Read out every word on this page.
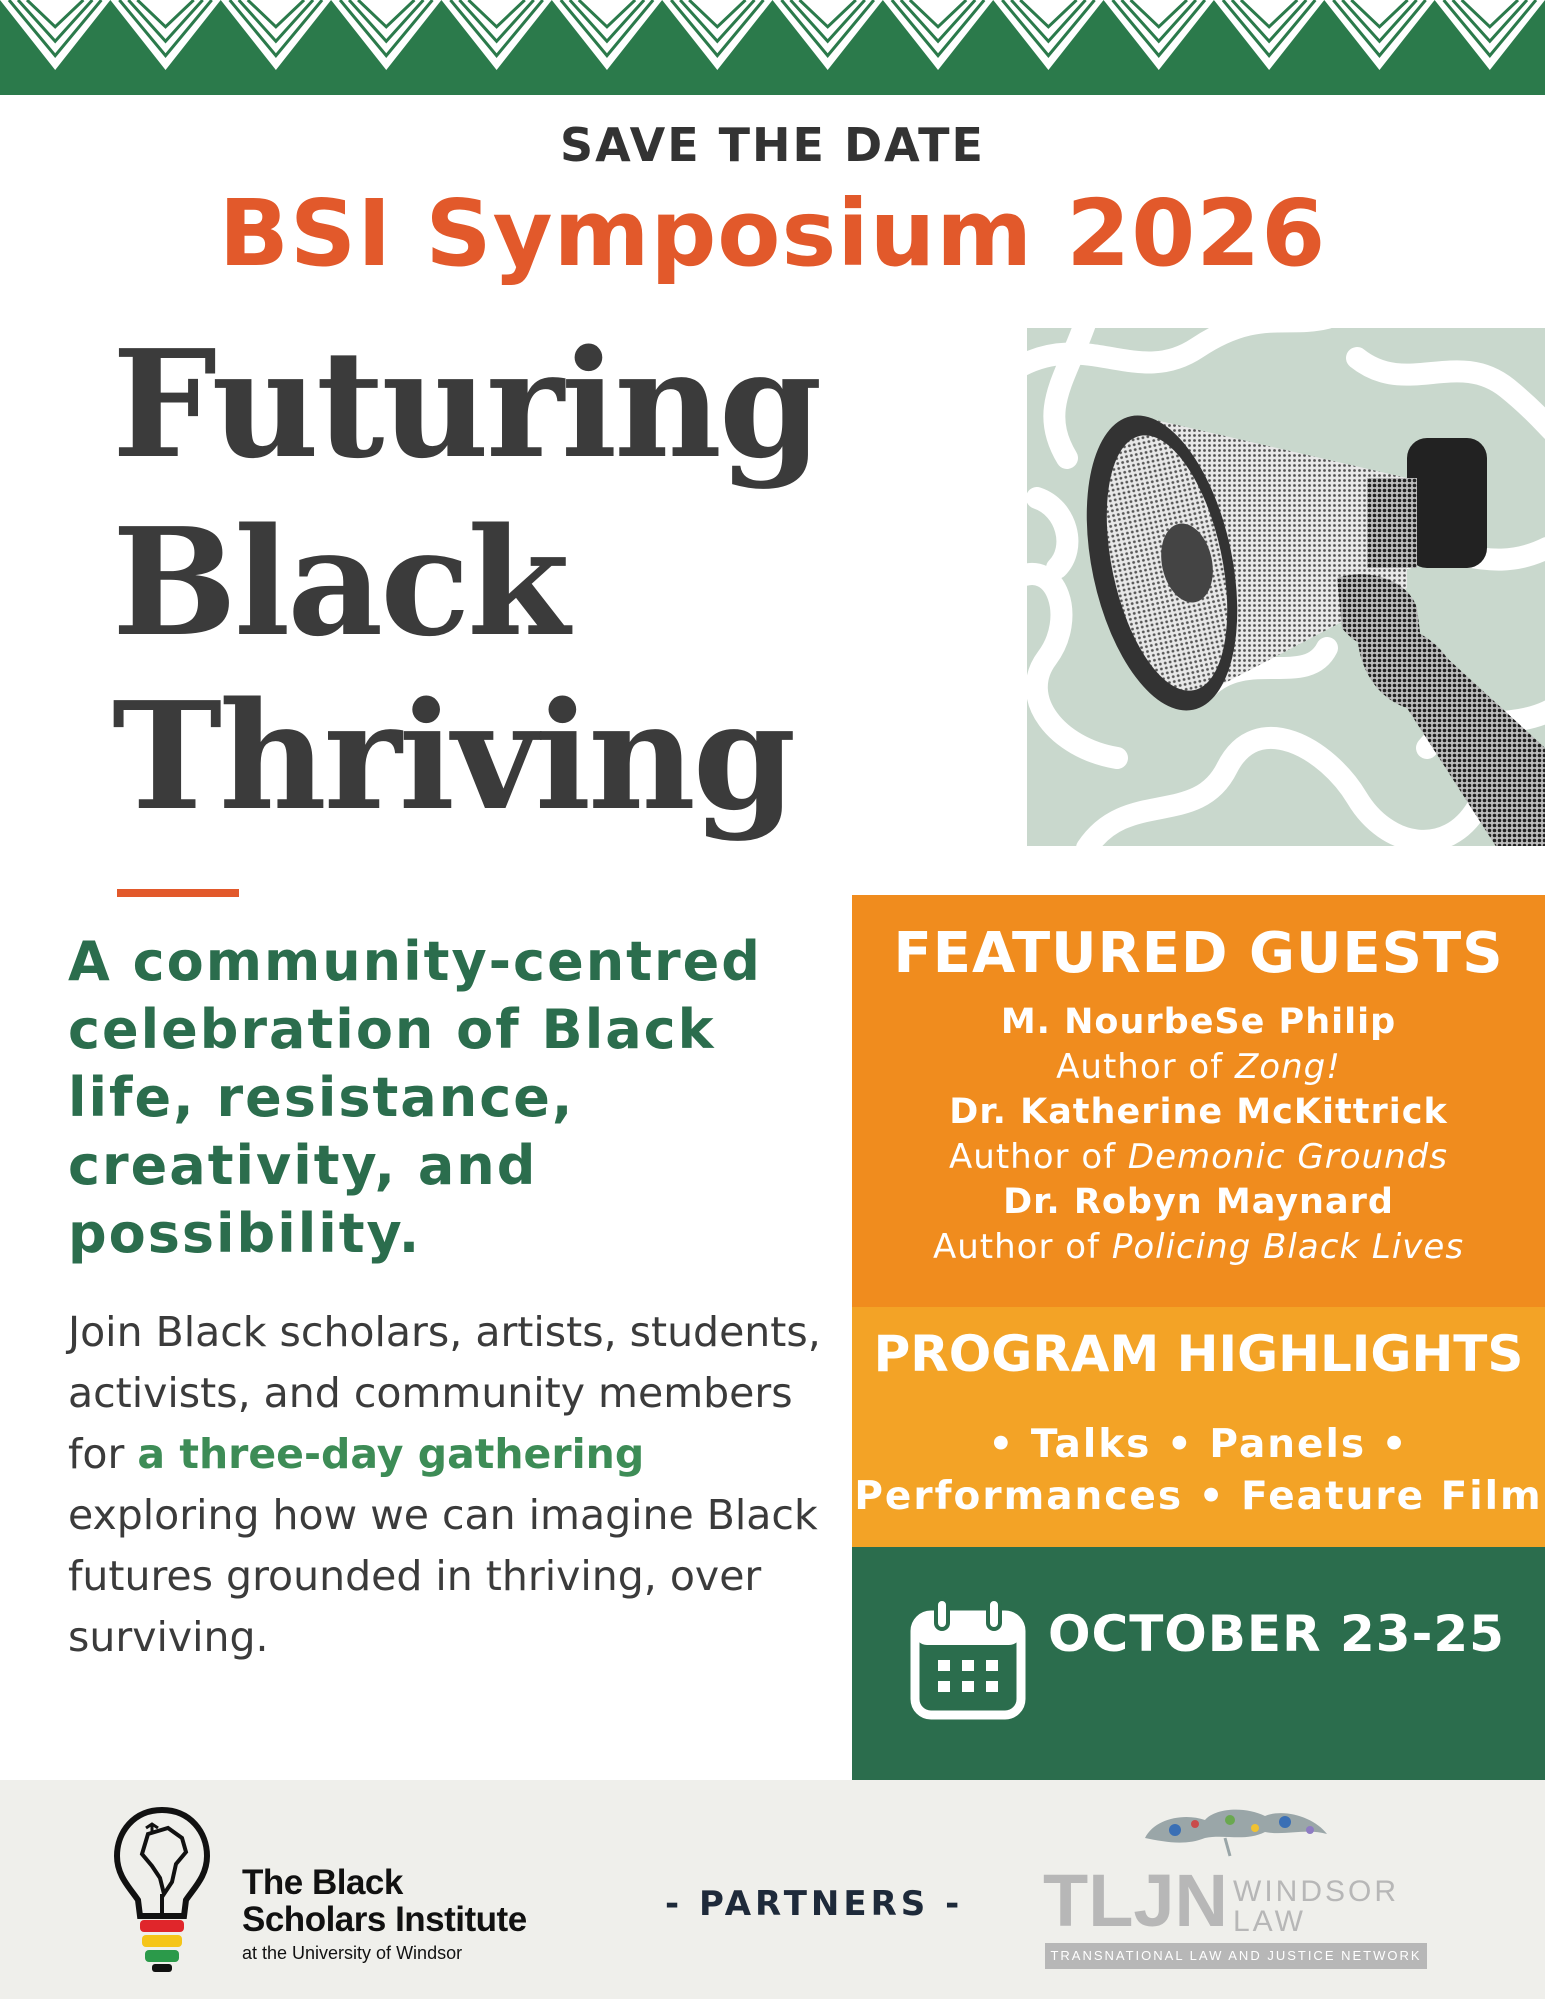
SAVE THE DATE
BSI Symposium 2026
Futuring
Black
Thriving
A community-centred celebration of Black life, resistance, creativity, and possibility.
Join Black scholars, artists, students, activists, and community members for a three-day gathering exploring how we can imagine Black futures grounded in thriving, over surviving.
FEATURED GUESTS
M. NourbeSe Philip
Author of Zong!
Dr. Katherine McKittrick
Author of Demonic Grounds
Dr. Robyn Maynard
Author of Policing Black Lives
PROGRAM HIGHLIGHTS
• Talks • Panels •
Performances • Feature Film
OCTOBER 23-25
The Black
Scholars Institute
at the University of Windsor
- PARTNERS - TLJN WINDSOR
LAW
TRANSNATIONAL LAW AND JUSTICE NETWORK
